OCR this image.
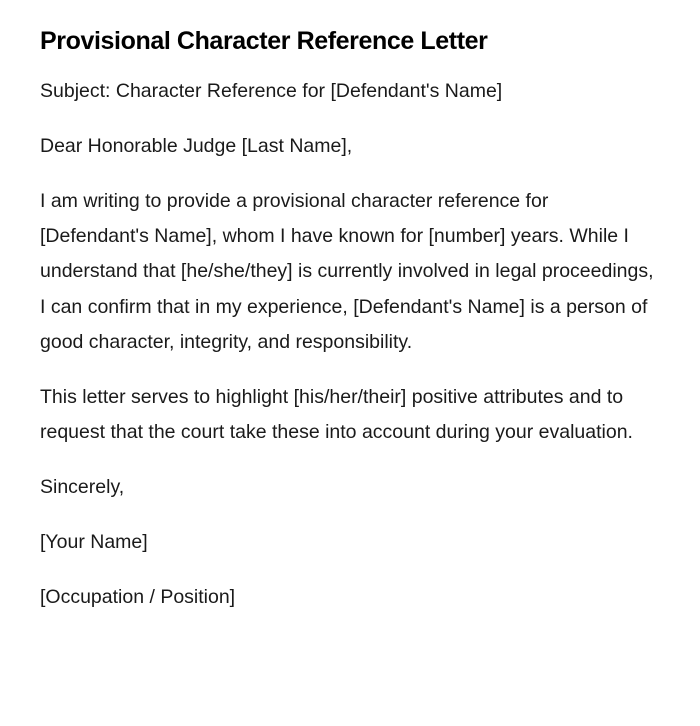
Provisional Character Reference Letter

Subject: Character Reference for [Defendant's Name]

Dear Honorable Judge [Last Name],

I am writing to provide a provisional character reference for [Defendant's Name], whom I have known for [number] years. While I understand that [he/she/they] is currently involved in legal proceedings, I can confirm that in my experience, [Defendant's Name] is a person of good character, integrity, and responsibility.

This letter serves to highlight [his/her/their] positive attributes and to request that the court take these into account during your evaluation.

Sincerely,

[Your Name]

[Occupation / Position]
